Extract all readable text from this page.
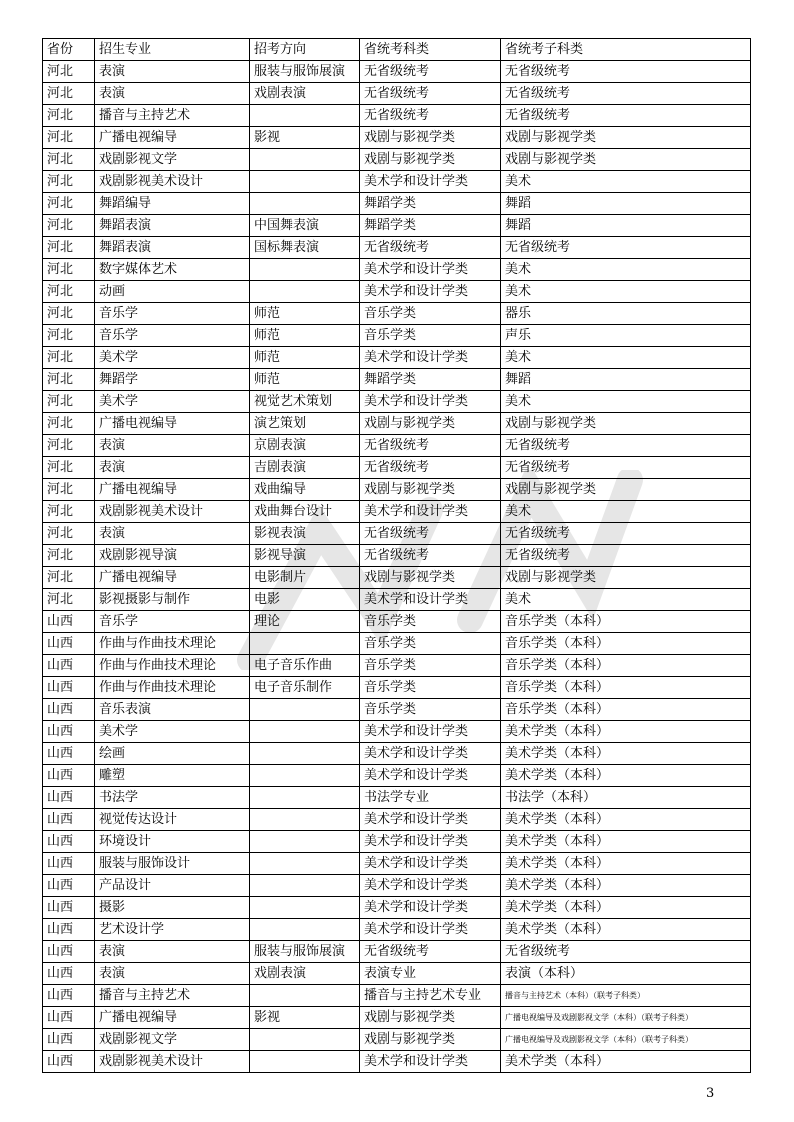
省份	招生专业	招考方向	省统考科类	省统考子科类
河北	表演	服装与服饰展演	无省级统考	无省级统考
河北	表演	戏剧表演	无省级统考	无省级统考
河北	播音与主持艺术		无省级统考	无省级统考
河北	广播电视编导	影视	戏剧与影视学类	戏剧与影视学类
河北	戏剧影视文学		戏剧与影视学类	戏剧与影视学类
河北	戏剧影视美术设计		美术学和设计学类	美术
河北	舞蹈编导		舞蹈学类	舞蹈
河北	舞蹈表演	中国舞表演	舞蹈学类	舞蹈
河北	舞蹈表演	国标舞表演	无省级统考	无省级统考
河北	数字媒体艺术		美术学和设计学类	美术
河北	动画		美术学和设计学类	美术
河北	音乐学	师范	音乐学类	器乐
河北	音乐学	师范	音乐学类	声乐
河北	美术学	师范	美术学和设计学类	美术
河北	舞蹈学	师范	舞蹈学类	舞蹈
河北	美术学	视觉艺术策划	美术学和设计学类	美术
河北	广播电视编导	演艺策划	戏剧与影视学类	戏剧与影视学类
河北	表演	京剧表演	无省级统考	无省级统考
河北	表演	吉剧表演	无省级统考	无省级统考
河北	广播电视编导	戏曲编导	戏剧与影视学类	戏剧与影视学类
河北	戏剧影视美术设计	戏曲舞台设计	美术学和设计学类	美术
河北	表演	影视表演	无省级统考	无省级统考
河北	戏剧影视导演	影视导演	无省级统考	无省级统考
河北	广播电视编导	电影制片	戏剧与影视学类	戏剧与影视学类
河北	影视摄影与制作	电影	美术学和设计学类	美术
山西	音乐学	理论	音乐学类	音乐学类（本科）
山西	作曲与作曲技术理论		音乐学类	音乐学类（本科）
山西	作曲与作曲技术理论	电子音乐作曲	音乐学类	音乐学类（本科）
山西	作曲与作曲技术理论	电子音乐制作	音乐学类	音乐学类（本科）
山西	音乐表演		音乐学类	音乐学类（本科）
山西	美术学		美术学和设计学类	美术学类（本科）
山西	绘画		美术学和设计学类	美术学类（本科）
山西	雕塑		美术学和设计学类	美术学类（本科）
山西	书法学		书法学专业	书法学（本科）
山西	视觉传达设计		美术学和设计学类	美术学类（本科）
山西	环境设计		美术学和设计学类	美术学类（本科）
山西	服装与服饰设计		美术学和设计学类	美术学类（本科）
山西	产品设计		美术学和设计学类	美术学类（本科）
山西	摄影		美术学和设计学类	美术学类（本科）
山西	艺术设计学		美术学和设计学类	美术学类（本科）
山西	表演	服装与服饰展演	无省级统考	无省级统考
山西	表演	戏剧表演	表演专业	表演（本科）
山西	播音与主持艺术		播音与主持艺术专业	播音与主持艺术（本科）（联考子科类）
山西	广播电视编导	影视	戏剧与影视学类	广播电视编导及戏剧影视文学（本科）（联考子科类）
山西	戏剧影视文学		戏剧与影视学类	广播电视编导及戏剧影视文学（本科）（联考子科类）
山西	戏剧影视美术设计		美术学和设计学类	美术学类（本科）
3
